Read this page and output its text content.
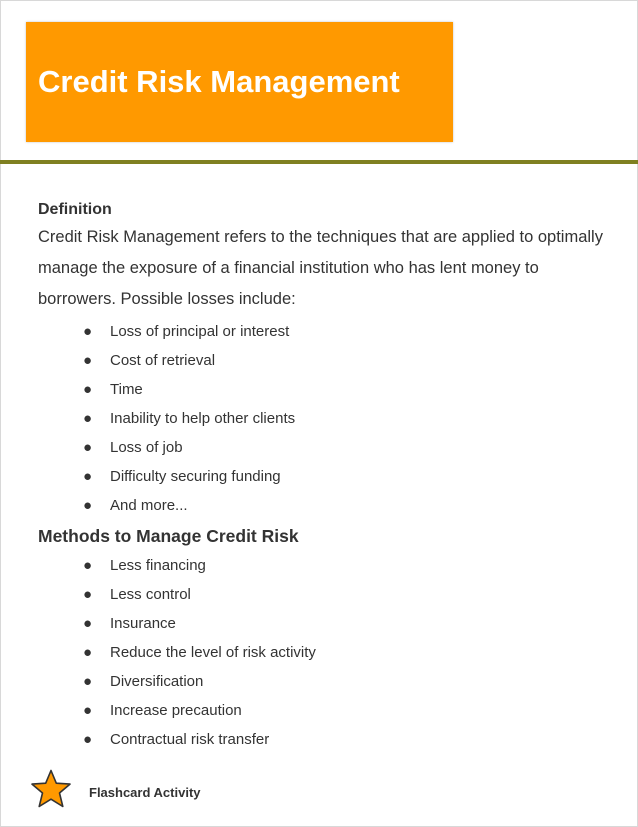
Credit Risk Management

Definition

Credit Risk Management refers to the techniques that are applied to optimally manage the exposure of a financial institution who has lent money to borrowers. Possible losses include:

● Loss of principal or interest
● Cost of retrieval
● Time
● Inability to help other clients
● Loss of job
● Difficulty securing funding
● And more...

Methods to Manage Credit Risk

● Less financing
● Less control
● Insurance
● Reduce the level of risk activity
● Diversification
● Increase precaution
● Contractual risk transfer
Flashcard Activity
